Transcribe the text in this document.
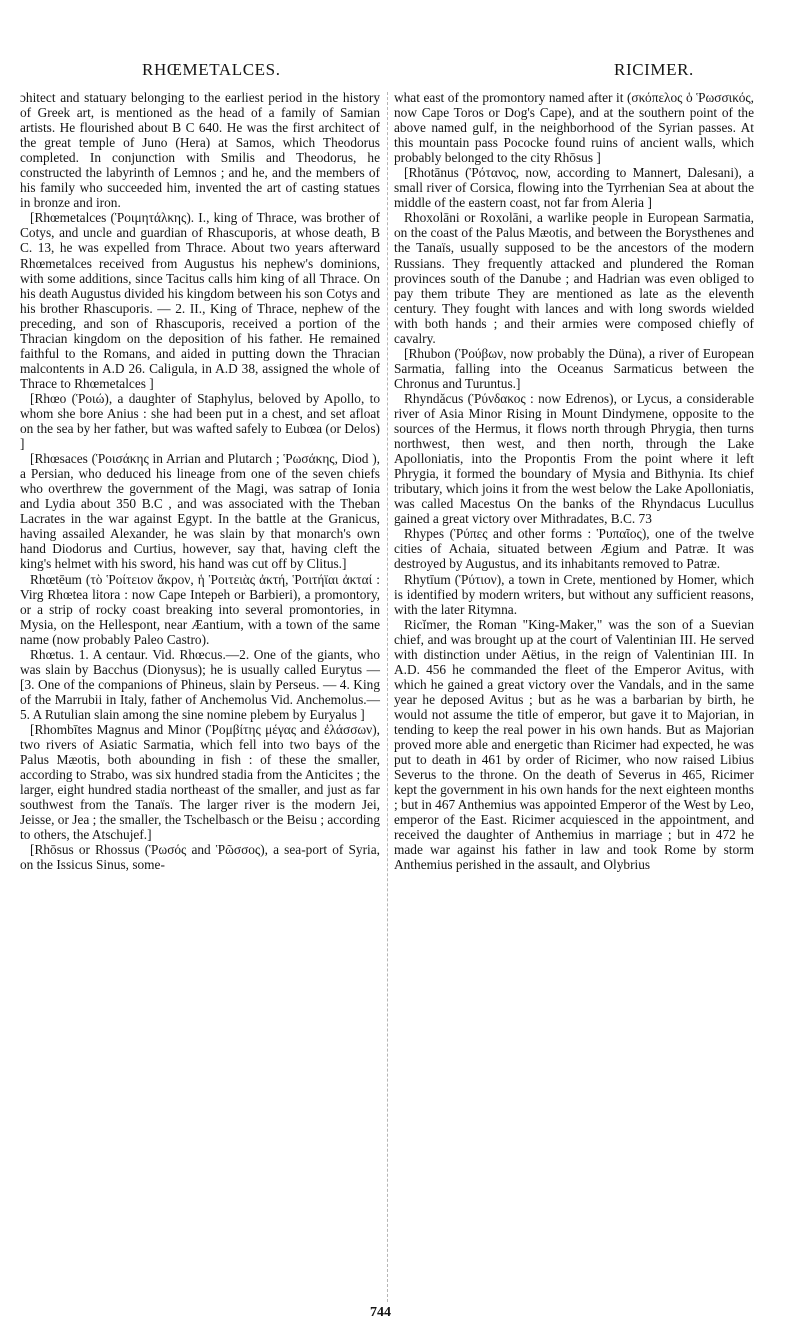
RHŒMETALCES.	RICIMER.

ɔhitect and statuary belonging to the earliest period in the history of Greek art, is mentioned as the head of a family of Samian artists. He flourished about B C 640. He was the first architect of the great temple of Juno (Hera) at Samos, which Theodorus completed. In conjunction with Smilis and Theodorus, he constructed the labyrinth of Lemnos ; and he, and the members of his family who succeeded him, invented the art of casting statues in bronze and iron.

[Rhœmetalces (Ῥοιμητάλκης). I., king of Thrace, was brother of Cotys, and uncle and guardian of Rhascuporis, at whose death, B C. 13, he was expelled from Thrace. About two years afterward Rhœmetalces received from Augustus his nephew's dominions, with some additions, since Tacitus calls him king of all Thrace. On his death Augustus divided his kingdom between his son Cotys and his brother Rhascuporis. — 2. II., King of Thrace, nephew of the preceding, and son of Rhascuporis, received a portion of the Thracian kingdom on the deposition of his father. He remained faithful to the Romans, and aided in putting down the Thracian malcontents in A.D 26. Caligula, in A.D 38, assigned the whole of Thrace to Rhœmetalces ]

[Rhœo (Ῥοιώ), a daughter of Staphylus, beloved by Apollo, to whom she bore Anius : she had been put in a chest, and set afloat on the sea by her father, but was wafted safely to Eubœa (or Delos) ]

[Rhœsaces (Ῥοισάκης in Arrian and Plutarch ; Ῥωσάκης, Diod ), a Persian, who deduced his lineage from one of the seven chiefs who overthrew the government of the Magi, was satrap of Ionia and Lydia about 350 B.C , and was associated with the Theban Lacrates in the war against Egypt. In the battle at the Granicus, having assailed Alexander, he was slain by that monarch's own hand Diodorus and Curtius, however, say that, having cleft the king's helmet with his sword, his hand was cut off by Clitus.]

Rhœtēum (τὸ Ῥοίτειον ἄκρον, ἡ Ῥοιτειὰς ἀκτή, Ῥοιτήϊαι ἀκταί : Virg Rhœtea litora : now Cape Intepeh or Barbieri), a promontory, or a strip of rocky coast breaking into several promontories, in Mysia, on the Hellespont, near Æantium, with a town of the same name (now probably Paleo Castro).

Rhœtus. 1. A centaur. Vid. Rhœcus.—2. One of the giants, who was slain by Bacchus (Dionysus); he is usually called Eurytus —[3. One of the companions of Phineus, slain by Perseus. — 4. King of the Marrubii in Italy, father of Anchemolus Vid. Anchemolus.—5. A Rutulian slain among the sine nomine plebem by Euryalus ]

[Rhombītes Magnus and Minor (Ῥομβίτης μέγας and ἐλάσσων), two rivers of Asiatic Sarmatia, which fell into two bays of the Palus Mæotis, both abounding in fish : of these the smaller, according to Strabo, was six hundred stadia from the Anticites ; the larger, eight hundred stadia northeast of the smaller, and just as far southwest from the Tanaïs. The larger river is the modern Jei, Jeisse, or Jea ; the smaller, the Tschelbasch or the Beisu ; according to others, the Atschujef.]

[Rhōsus or Rhossus (Ῥωσός and Ῥῶσσος), a sea-port of Syria, on the Issicus Sinus, some-

what east of the promontory named after it (σκόπελος ὁ Ῥωσσικός, now Cape Toros or Dog's Cape), and at the southern point of the above named gulf, in the neighborhood of the Syrian passes. At this mountain pass Pococke found ruins of ancient walls, which probably belonged to the city Rhōsus ]

[Rhotānus (Ῥότανος, now, according to Mannert, Dalesani), a small river of Corsica, flowing into the Tyrrhenian Sea at about the middle of the eastern coast, not far from Aleria ]

Rhoxolāni or Roxolāni, a warlike people in European Sarmatia, on the coast of the Palus Mæotis, and between the Borysthenes and the Tanaïs, usually supposed to be the ancestors of the modern Russians. They frequently attacked and plundered the Roman provinces south of the Danube ; and Hadrian was even obliged to pay them tribute They are mentioned as late as the eleventh century. They fought with lances and with long swords wielded with both hands ; and their armies were composed chiefly of cavalry.

[Rhubon (Ῥούβων, now probably the Düna), a river of European Sarmatia, falling into the Oceanus Sarmaticus between the Chronus and Turuntus.]

Rhyndăcus (Ῥύνδακος : now Edrenos), or Lycus, a considerable river of Asia Minor Rising in Mount Dindymene, opposite to the sources of the Hermus, it flows north through Phrygia, then turns northwest, then west, and then north, through the Lake Apolloniatis, into the Propontis From the point where it left Phrygia, it formed the boundary of Mysia and Bithynia. Its chief tributary, which joins it from the west below the Lake Apolloniatis, was called Macestus On the banks of the Rhyndacus Lucullus gained a great victory over Mithradates, B.C. 73

Rhypes (Ῥύπες and other forms : Ῥυπαῖος), one of the twelve cities of Achaia, situated between Ægium and Patræ. It was destroyed by Augustus, and its inhabitants removed to Patræ.

Rhytīum (Ῥύτιον), a town in Crete, mentioned by Homer, which is identified by modern writers, but without any sufficient reasons, with the later Ritymna.

Ricĭmer, the Roman "King-Maker," was the son of a Suevian chief, and was brought up at the court of Valentinian III. He served with distinction under Aëtius, in the reign of Valentinian III. In A.D. 456 he commanded the fleet of the Emperor Avitus, with which he gained a great victory over the Vandals, and in the same year he deposed Avitus ; but as he was a barbarian by birth, he would not assume the title of emperor, but gave it to Majorian, in tending to keep the real power in his own hands. But as Majorian proved more able and energetic than Ricimer had expected, he was put to death in 461 by order of Ricimer, who now raised Libius Severus to the throne. On the death of Severus in 465, Ricimer kept the government in his own hands for the next eighteen months ; but in 467 Anthemius was appointed Emperor of the West by Leo, emperor of the East. Ricimer acquiesced in the appointment, and received the daughter of Anthemius in marriage ; but in 472 he made war against his father in law and took Rome by storm Anthemius perished in the assault, and Olybrius

744
